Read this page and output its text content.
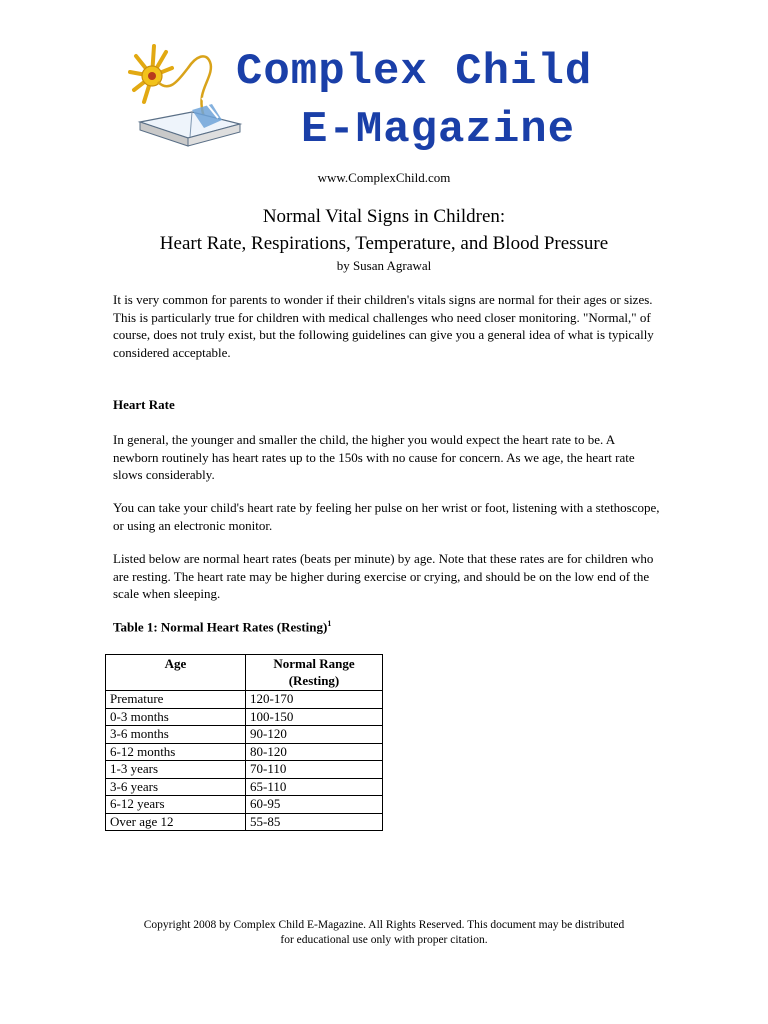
Complex Child
E-Magazine
www.ComplexChild.com
Normal Vital Signs in Children:
Heart Rate, Respirations, Temperature, and Blood Pressure
by Susan Agrawal
It is very common for parents to wonder if their children's vitals signs are normal for their ages or sizes. This is particularly true for children with medical challenges who need closer monitoring. "Normal," of course, does not truly exist, but the following guidelines can give you a general idea of what is typically considered acceptable.
Heart Rate
In general, the younger and smaller the child, the higher you would expect the heart rate to be. A newborn routinely has heart rates up to the 150s with no cause for concern. As we age, the heart rate slows considerably.
You can take your child's heart rate by feeling her pulse on her wrist or foot, listening with a stethoscope, or using an electronic monitor.
Listed below are normal heart rates (beats per minute) by age. Note that these rates are for children who are resting. The heart rate may be higher during exercise or crying, and should be on the low end of the scale when sleeping.
Table 1: Normal Heart Rates (Resting)$^1$
Age	Normal Range (Resting)
Premature	120-170
0-3 months	100-150
3-6 months	90-120
6-12 months	80-120
1-3 years	70-110
3-6 years	65-110
6-12 years	60-95
Over age 12	55-85
Copyright 2008 by Complex Child E-Magazine. All Rights Reserved. This document may be distributed
for educational use only with proper citation.
